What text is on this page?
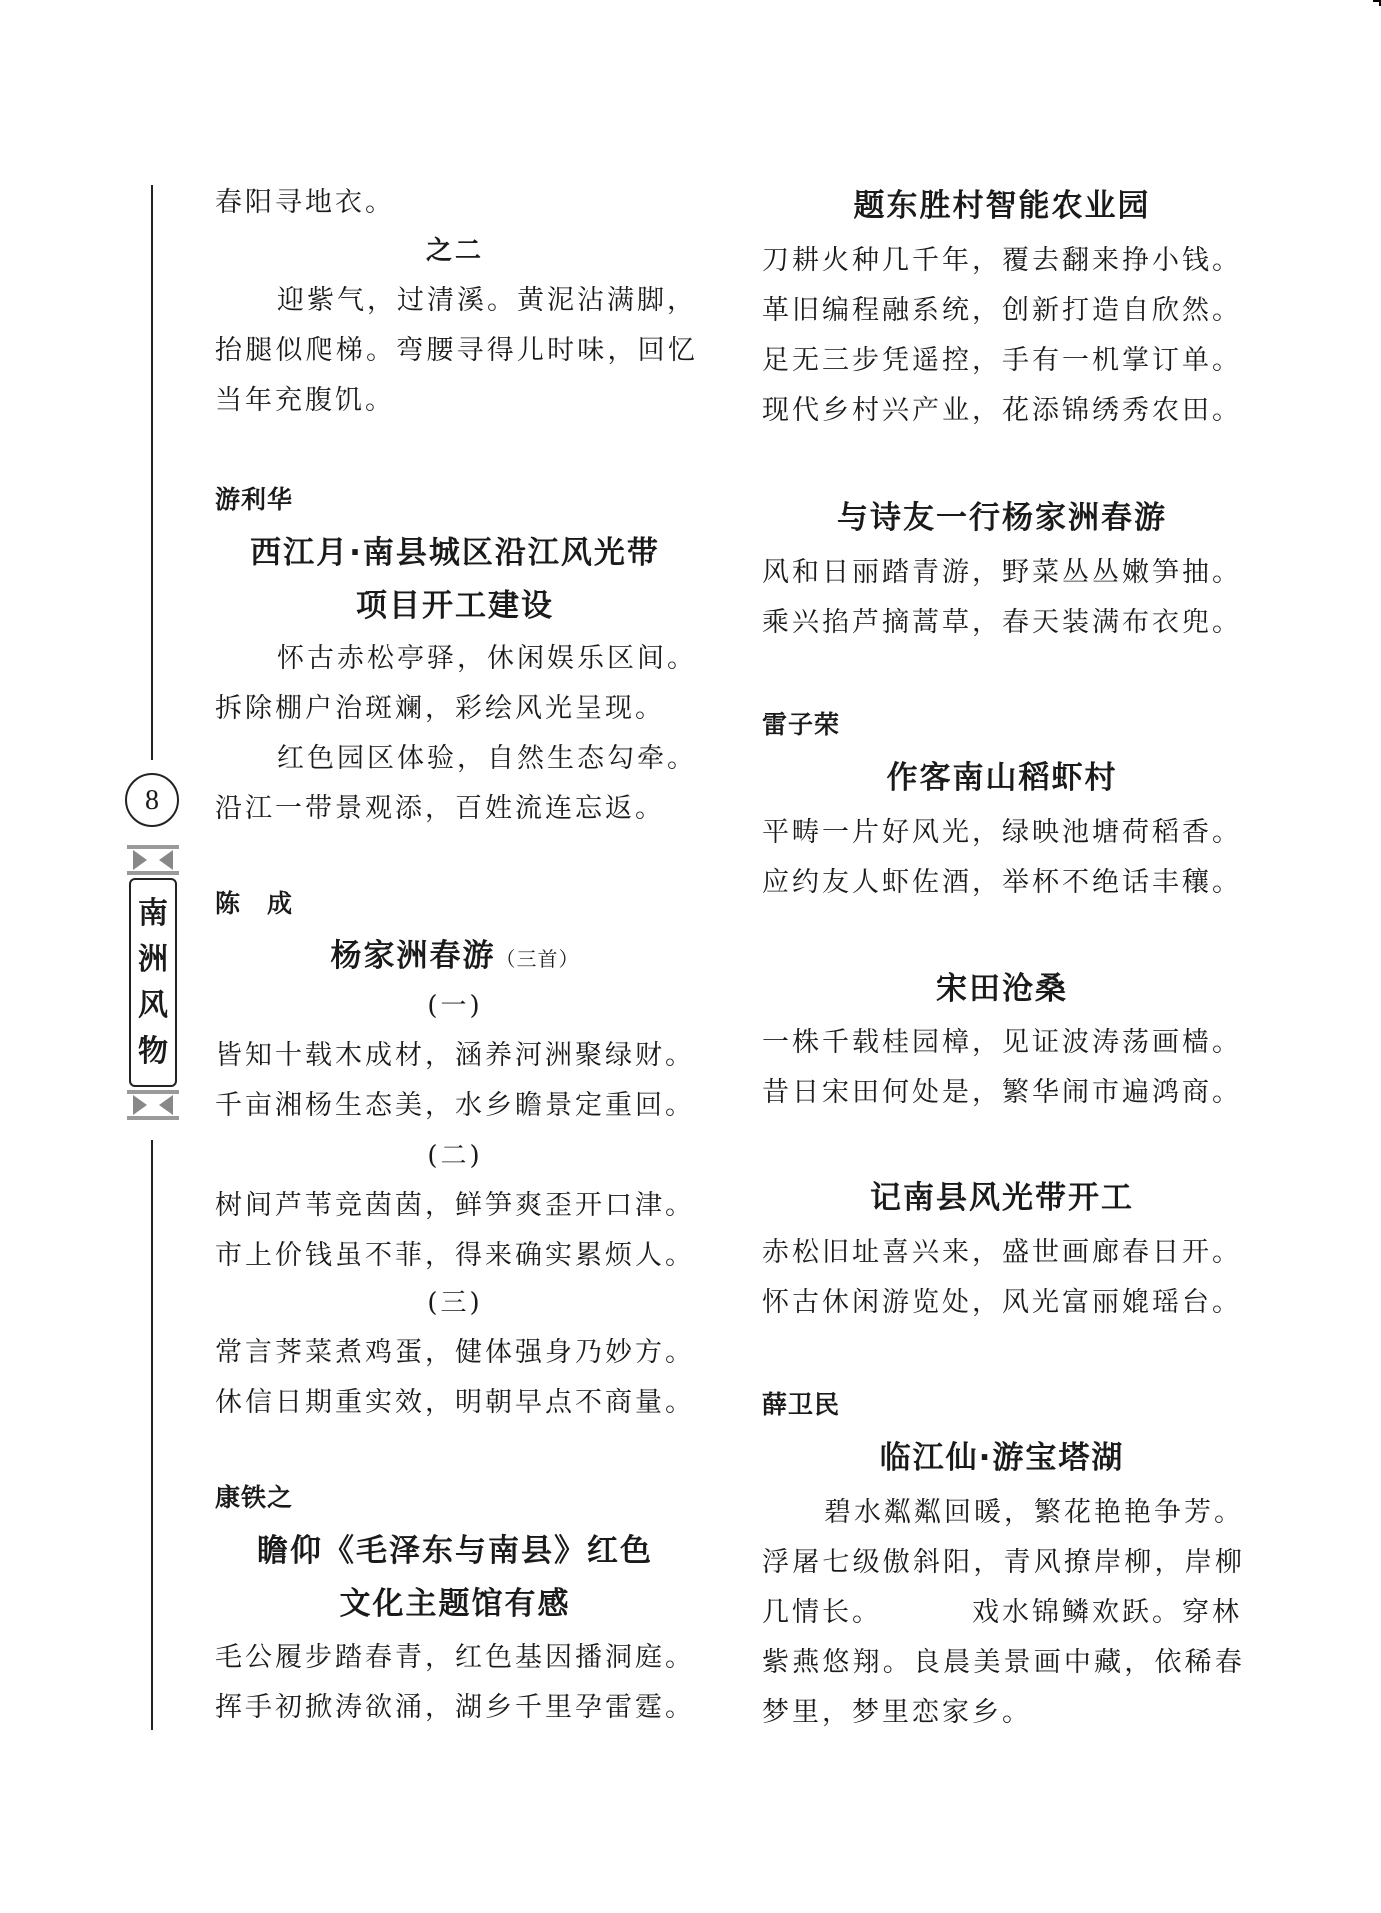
8
南
洲
风
物
春阳寻地衣。
之二
迎紫气，过清溪。黄泥沾满脚，
抬 腿 似 爬 梯 。 弯 腰 寻 得 儿 时 味 ， 回 忆
当年充腹饥。
游利华
西江月·南县城区沿江风光带
项目开工建设
怀古赤松亭驿，休闲娱乐区间。
拆除棚户治斑斓，彩绘风光呈现。
红色园区体验，自然生态勾牵。
沿江一带景观添，百姓流连忘返。
陈　成
杨家洲春游（三首）
(一)
皆知十载木成材，涵养河洲聚绿财。
千亩湘杨生态美，水乡瞻景定重回。
(二)
树间芦苇竞茵茵，鲜笋爽歪开口津。
市上价钱虽不菲，得来确实累烦人。
(三)
常言荠菜煮鸡蛋，健体强身乃妙方。
休信日期重实效，明朝早点不商量。
康铁之
瞻仰《毛泽东与南县》红色
文化主题馆有感
毛公履步踏春青，红色基因播洞庭。
挥手初掀涛欲涌，湖乡千里孕雷霆。
题东胜村智能农业园
刀耕火种几千年，覆去翻来挣小钱。
革旧编程融系统，创新打造自欣然。
足无三步凭遥控，手有一机掌订单。
现代乡村兴产业，花添锦绣秀农田。
与诗友一行杨家洲春游
风和日丽踏青游，野菜丛丛嫩笋抽。
乘兴掐芦摘蒿草，春天装满布衣兜。
雷子荣
作客南山稻虾村
平畴一片好风光，绿映池塘荷稻香。
应约友人虾佐酒，举杯不绝话丰穰。
宋田沧桑
一株千载桂园樟，见证波涛荡画樯。
昔日宋田何处是，繁华闹市遍鸿商。
记南县风光带开工
赤松旧址喜兴来，盛世画廊春日开。
怀古休闲游览处，风光富丽媲瑶台。
薛卫民
临江仙·游宝塔湖
碧水粼粼回暖，繁花艳艳争芳。
浮 屠 七 级 傲 斜 阳 ， 青 风 撩 岸 柳 ， 岸 柳
几情长。	戏水锦鳞欢跃。穿林
紫 燕 悠 翔 。 良 晨 美 景 画 中 藏 ， 依 稀 春
梦里，梦里恋家乡。
